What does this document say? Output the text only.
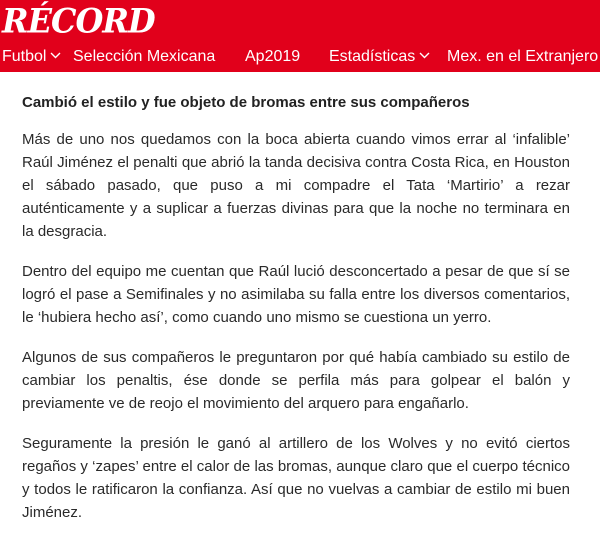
RÉCORD
Futbol	Selección Mexicana Ap2019 Estadísticas	Mex. en el Extranjero
Cambió el estilo y fue objeto de bromas entre sus compañeros

Más de uno nos quedamos con la boca abierta cuando vimos errar al ‘infalible’ Raúl Jiménez el penalti que abrió la tanda decisiva contra Costa Rica, en Houston el sábado pasado, que puso a mi compadre el Tata ‘Martirio’ a rezar auténticamente y a suplicar a fuerzas divinas para que la noche no terminara en la desgracia.

Dentro del equipo me cuentan que Raúl lució desconcertado a pesar de que sí se logró el pase a Semifinales y no asimilaba su falla entre los diversos comentarios, le ‘hubiera hecho así’, como cuando uno mismo se cuestiona un yerro.

Algunos de sus compañeros le preguntaron por qué había cambiado su estilo de cambiar los penaltis, ése donde se perfila más para golpear el balón y previamente ve de reojo el movimiento del arquero para engañarlo.

Seguramente la presión le ganó al artillero de los Wolves y no evitó ciertos regaños y ‘zapes’ entre el calor de las bromas, aunque claro que el cuerpo técnico y todos le ratificaron la confianza. Así que no vuelvas a cambiar de estilo mi buen Jiménez.
